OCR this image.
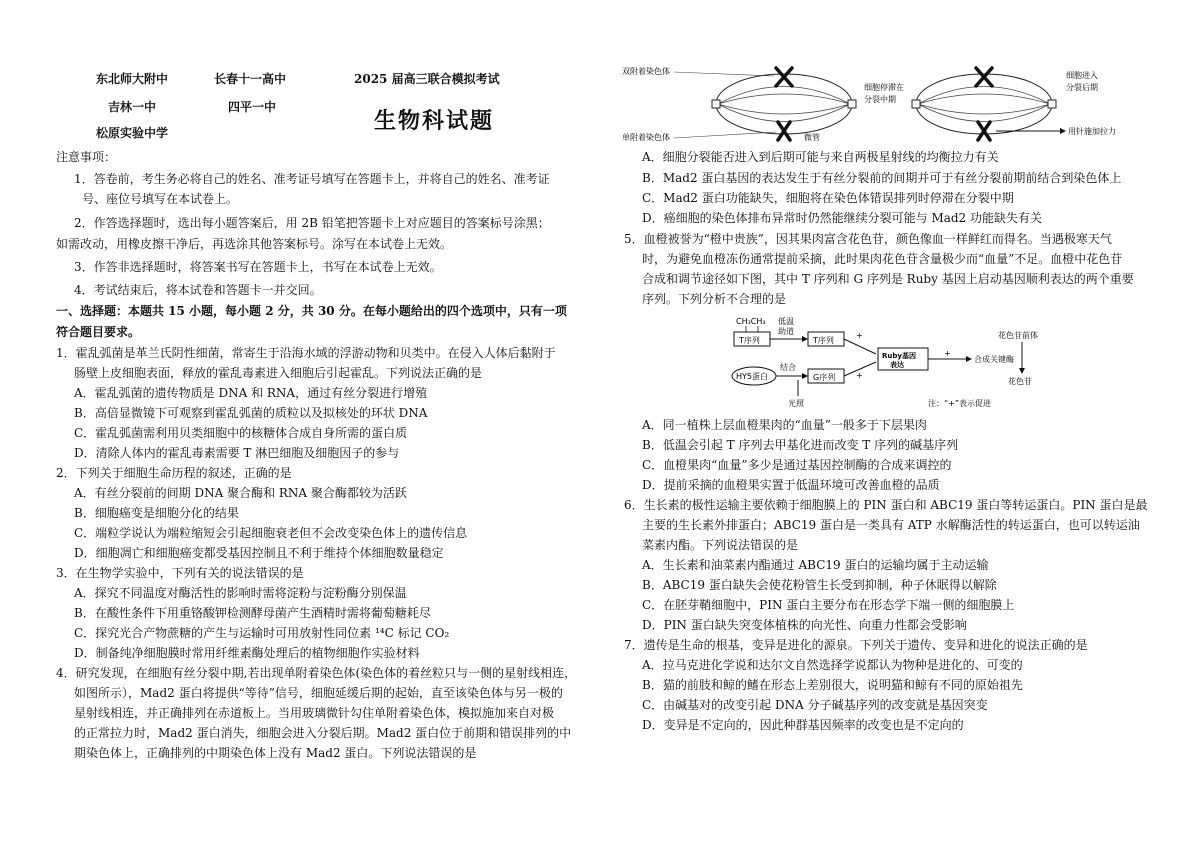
东北师大附中	长春十一高中	2025 届高三联合模拟考试
吉林一中	四平一中
生物科试题
松原实验中学
注意事项：
1．答卷前，考生务必将自己的姓名、准考证号填写在答题卡上，并将自己的姓名、准考证
号、座位号填写在本试卷上。
2．作答选择题时，选出每小题答案后，用 2B 铅笔把答题卡上对应题目的答案标号涂黑；
如需改动，用橡皮擦干净后，再选涂其他答案标号。涂写在本试卷上无效。
3．作答非选择题时，将答案书写在答题卡上，书写在本试卷上无效。
4．考试结束后，将本试卷和答题卡一并交回。
一、选择题：本题共 15 小题，每小题 2 分，共 30 分。在每小题给出的四个选项中，只有一项
符合题目要求。
1．霍乱弧菌是革兰氏阴性细菌，常寄生于沿海水域的浮游动物和贝类中。在侵入人体后黏附于
肠壁上皮细胞表面，释放的霍乱毒素进入细胞后引起霍乱。下列说法正确的是
A．霍乱弧菌的遗传物质是 DNA 和 RNA，通过有丝分裂进行增殖
B．高倍显微镜下可观察到霍乱弧菌的质粒以及拟核处的环状 DNA
C．霍乱弧菌需利用贝类细胞中的核糖体合成自身所需的蛋白质
D．清除人体内的霍乱毒素需要 T 淋巴细胞及细胞因子的参与
2．下列关于细胞生命历程的叙述，正确的是
A．有丝分裂前的间期 DNA 聚合酶和 RNA 聚合酶都较为活跃
B．细胞癌变是细胞分化的结果
C．端粒学说认为端粒缩短会引起细胞衰老但不会改变染色体上的遗传信息
D．细胞凋亡和细胞癌变都受基因控制且不利于维持个体细胞数量稳定
3．在生物学实验中，下列有关的说法错误的是
A．探究不同温度对酶活性的影响时需将淀粉与淀粉酶分别保温
B．在酸性条件下用重铬酸钾检测酵母菌产生酒精时需将葡萄糖耗尽
C．探究光合产物蔗糖的产生与运输时可用放射性同位素 ¹⁴C 标记 CO₂
D．制备纯净细胞膜时常用纤维素酶处理后的植物细胞作实验材料
4．研究发现，在细胞有丝分裂中期,若出现单附着染色体(染色体的着丝粒只与一侧的星射线相连，
如图所示），Mad2 蛋白将提供“等待”信号，细胞延缓后期的起始，直至该染色体与另一极的
星射线相连，并正确排列在赤道板上。当用玻璃微针勾住单附着染色体，模拟施加来自对极
的正常拉力时，Mad2 蛋白消失，细胞会进入分裂后期。Mad2 蛋白位于前期和错误排列的中
期染色体上，正确排列的中期染色体上没有 Mad2 蛋白。下列说法错误的是
双附着染色体
单附着染色体	微管
细胞停滞在
分裂中期
细胞进入
分裂后期
用针施加拉力
A．细胞分裂能否进入到后期可能与来自两极星射线的均衡拉力有关
B．Mad2 蛋白基因的表达发生于有丝分裂前的间期并可于有丝分裂前期前结合到染色体上
C．Mad2 蛋白功能缺失，细胞将在染色体错误排列时停滞在分裂中期
D．癌细胞的染色体排布异常时仍然能继续分裂可能与 Mad2 功能缺失有关
5．血橙被誉为“橙中贵族”，因其果肉富含花色苷，颜色像血一样鲜红而得名。当遇极寒天气
时，为避免血橙冻伤通常提前采摘，此时果肉花色苷含量极少而“血量”不足。血橙中花色苷
合成和调节途径如下图，其中 T 序列和 G 序列是 Ruby 基因上启动基因顺利表达的两个重要
序列。下列分析不合理的是
CH₃CH₃
T序列
低温
助道
T序列
+
HY5蛋白
结合
G序列
光照
+
Ruby基因
表达
+
合成关键酶
花色苷前体
花色苷
注：“+”表示促进
A．同一植株上层血橙果肉的“血量”一般多于下层果肉
B．低温会引起 T 序列去甲基化进而改变 T 序列的碱基序列
C．血橙果肉“血量”多少是通过基因控制酶的合成来调控的
D．提前采摘的血橙果实置于低温环境可改善血橙的品质
6．生长素的极性运输主要依赖于细胞膜上的 PIN 蛋白和 ABC19 蛋白等转运蛋白。PIN 蛋白是最
主要的生长素外排蛋白；ABC19 蛋白是一类具有 ATP 水解酶活性的转运蛋白，也可以转运油
菜素内酯。下列说法错误的是
A．生长素和油菜素内酯通过 ABC19 蛋白的运输均属于主动运输
B．ABC19 蛋白缺失会使花粉管生长受到抑制，种子休眠得以解除
C．在胚芽鞘细胞中，PIN 蛋白主要分布在形态学下端一侧的细胞膜上
D．PIN 蛋白缺失突变体植株的向光性、向重力性都会受影响
7．遗传是生命的根基，变异是进化的源泉。下列关于遗传、变异和进化的说法正确的是
A．拉马克进化学说和达尔文自然选择学说都认为物种是进化的、可变的
B．猫的前肢和鲸的鳍在形态上差别很大，说明猫和鲸有不同的原始祖先
C．由碱基对的改变引起 DNA 分子碱基序列的改变就是基因突变
D．变异是不定向的，因此种群基因频率的改变也是不定向的
